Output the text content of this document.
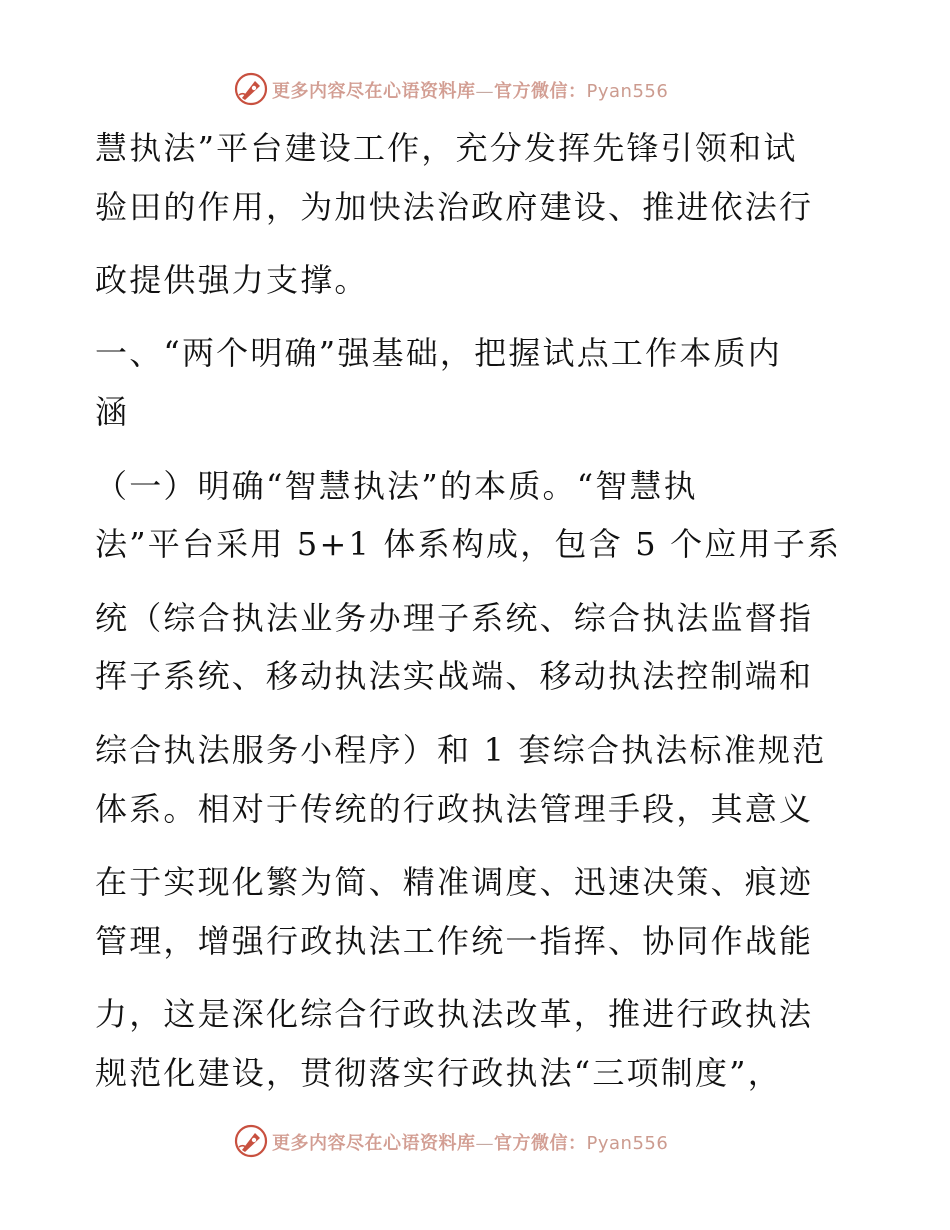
更多内容尽在心语资料库—官方微信：Pyan556
慧执法”平台建设工作，充分发挥先锋引领和试
验田的作用，为加快法治政府建设、推进依法行
政提供强力支撑。
一、“两个明确”强基础，把握试点工作本质内
涵
（一）明确“智慧执法”的本质。“智慧执
法”平台采用 5+1 体系构成，包含 5 个应用子系
统（综合执法业务办理子系统、综合执法监督指
挥子系统、移动执法实战端、移动执法控制端和
综合执法服务小程序）和 1 套综合执法标准规范
体系。相对于传统的行政执法管理手段，其意义
在于实现化繁为简、精准调度、迅速决策、痕迹
管理，增强行政执法工作统一指挥、协同作战能
力，这是深化综合行政执法改革，推进行政执法
规范化建设，贯彻落实行政执法“三项制度”，
更多内容尽在心语资料库—官方微信：Pyan556
